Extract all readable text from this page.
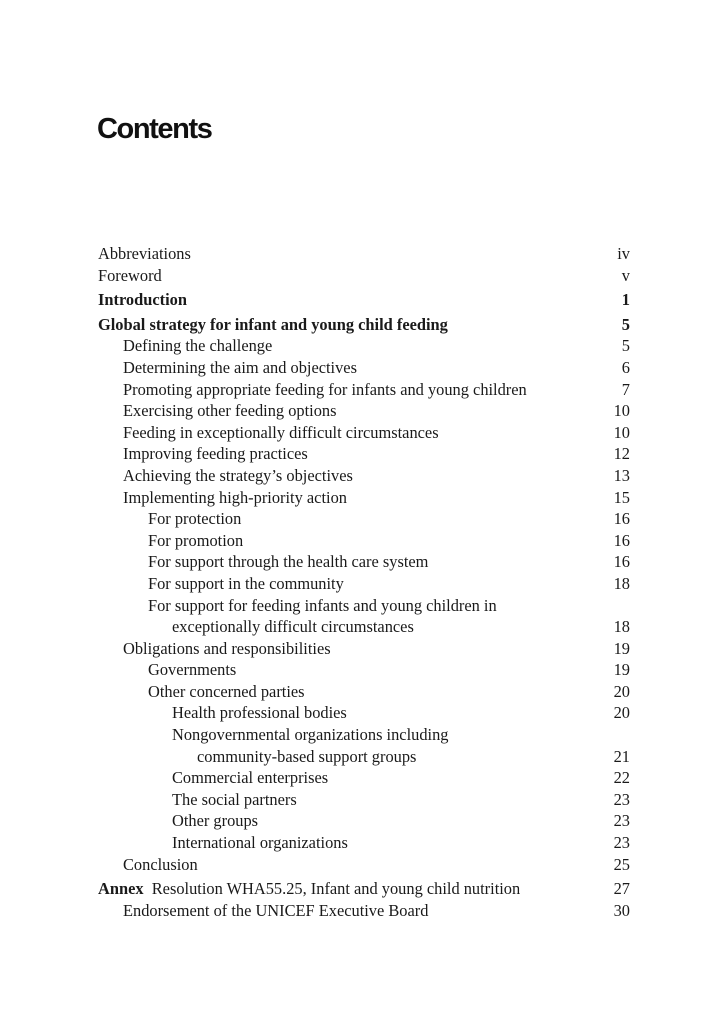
Contents
Abbreviations	iv
Foreword	v
Introduction	1
Global strategy for infant and young child feeding	5
Defining the challenge	5
Determining the aim and objectives	6
Promoting appropriate feeding for infants and young children	7
Exercising other feeding options	10
Feeding in exceptionally difficult circumstances	10
Improving feeding practices	12
Achieving the strategy’s objectives	13
Implementing high-priority action	15
For protection	16
For promotion	16
For support through the health care system	16
For support in the community	18
For support for feeding infants and young children in
exceptionally difficult circumstances	18
Obligations and responsibilities	19
Governments	19
Other concerned parties	20
Health professional bodies	20
Nongovernmental organizations including
community-based support groups	21
Commercial enterprises	22
The social partners	23
Other groups	23
International organizations	23
Conclusion	25
Annex Resolution WHA55.25, Infant and young child nutrition	27
Endorsement of the UNICEF Executive Board	30
